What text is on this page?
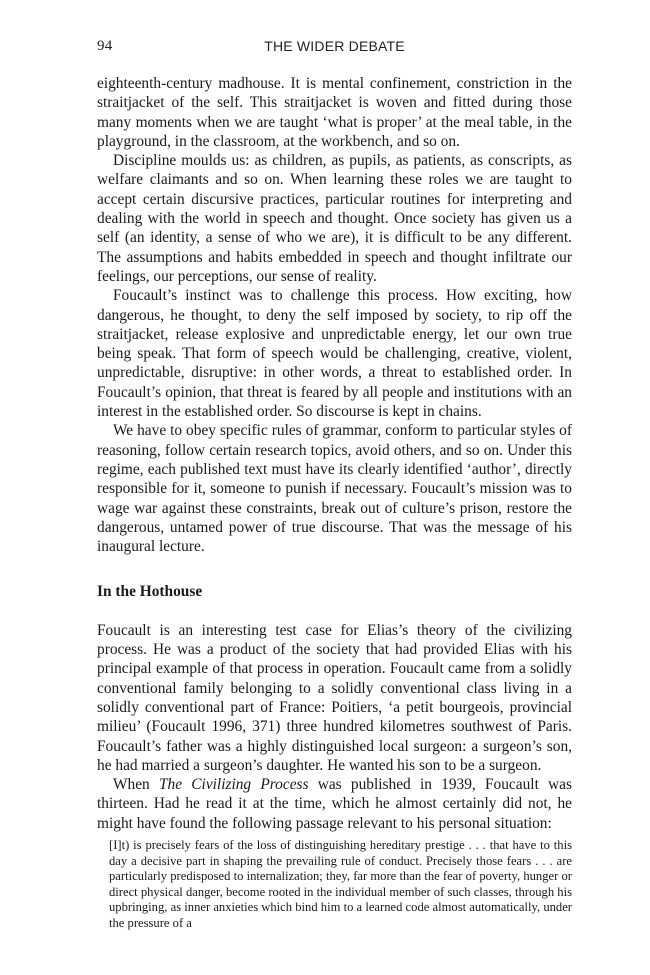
94	THE WIDER DEBATE

eighteenth-century madhouse. It is mental confinement, constriction in the straitjacket of the self. This straitjacket is woven and fitted during those many moments when we are taught ‘what is proper’ at the meal table, in the playground, in the classroom, at the workbench, and so on.

Discipline moulds us: as children, as pupils, as patients, as conscripts, as welfare claimants and so on. When learning these roles we are taught to accept certain discursive practices, particular routines for interpreting and dealing with the world in speech and thought. Once society has given us a self (an identity, a sense of who we are), it is difficult to be any different. The assumptions and habits embedded in speech and thought infiltrate our feelings, our perceptions, our sense of reality.

Foucault’s instinct was to challenge this process. How exciting, how dangerous, he thought, to deny the self imposed by society, to rip off the straitjacket, release explosive and unpredictable energy, let our own true being speak. That form of speech would be challenging, creative, violent, unpredictable, disruptive: in other words, a threat to established order. In Foucault’s opinion, that threat is feared by all people and institutions with an interest in the established order. So discourse is kept in chains.

We have to obey specific rules of grammar, conform to particular styles of reasoning, follow certain research topics, avoid others, and so on. Under this regime, each published text must have its clearly identified ‘author’, directly responsible for it, someone to punish if necessary. Foucault’s mission was to wage war against these constraints, break out of culture’s prison, restore the dangerous, untamed power of true discourse. That was the message of his inaugural lecture.

In the Hothouse

Foucault is an interesting test case for Elias’s theory of the civilizing process. He was a product of the society that had provided Elias with his principal example of that process in operation. Foucault came from a solidly conventional family belonging to a solidly conventional class living in a solidly conventional part of France: Poitiers, ‘a petit bourgeois, provincial milieu’ (Foucault 1996, 371) three hundred kilometres southwest of Paris. Foucault’s father was a highly distinguished local surgeon: a surgeon’s son, he had married a surgeon’s daughter. He wanted his son to be a surgeon.

When The Civilizing Process was published in 1939, Foucault was thirteen. Had he read it at the time, which he almost certainly did not, he might have found the following passage relevant to his personal situation:

[I]t) is precisely fears of the loss of distinguishing hereditary prestige . . . that have to this day a decisive part in shaping the prevailing rule of conduct. Precisely those fears . . . are particularly predisposed to internalization; they, far more than the fear of poverty, hunger or direct physical danger, become rooted in the individual member of such classes, through his upbringing, as inner anxieties which bind him to a learned code almost automatically, under the pressure of a
